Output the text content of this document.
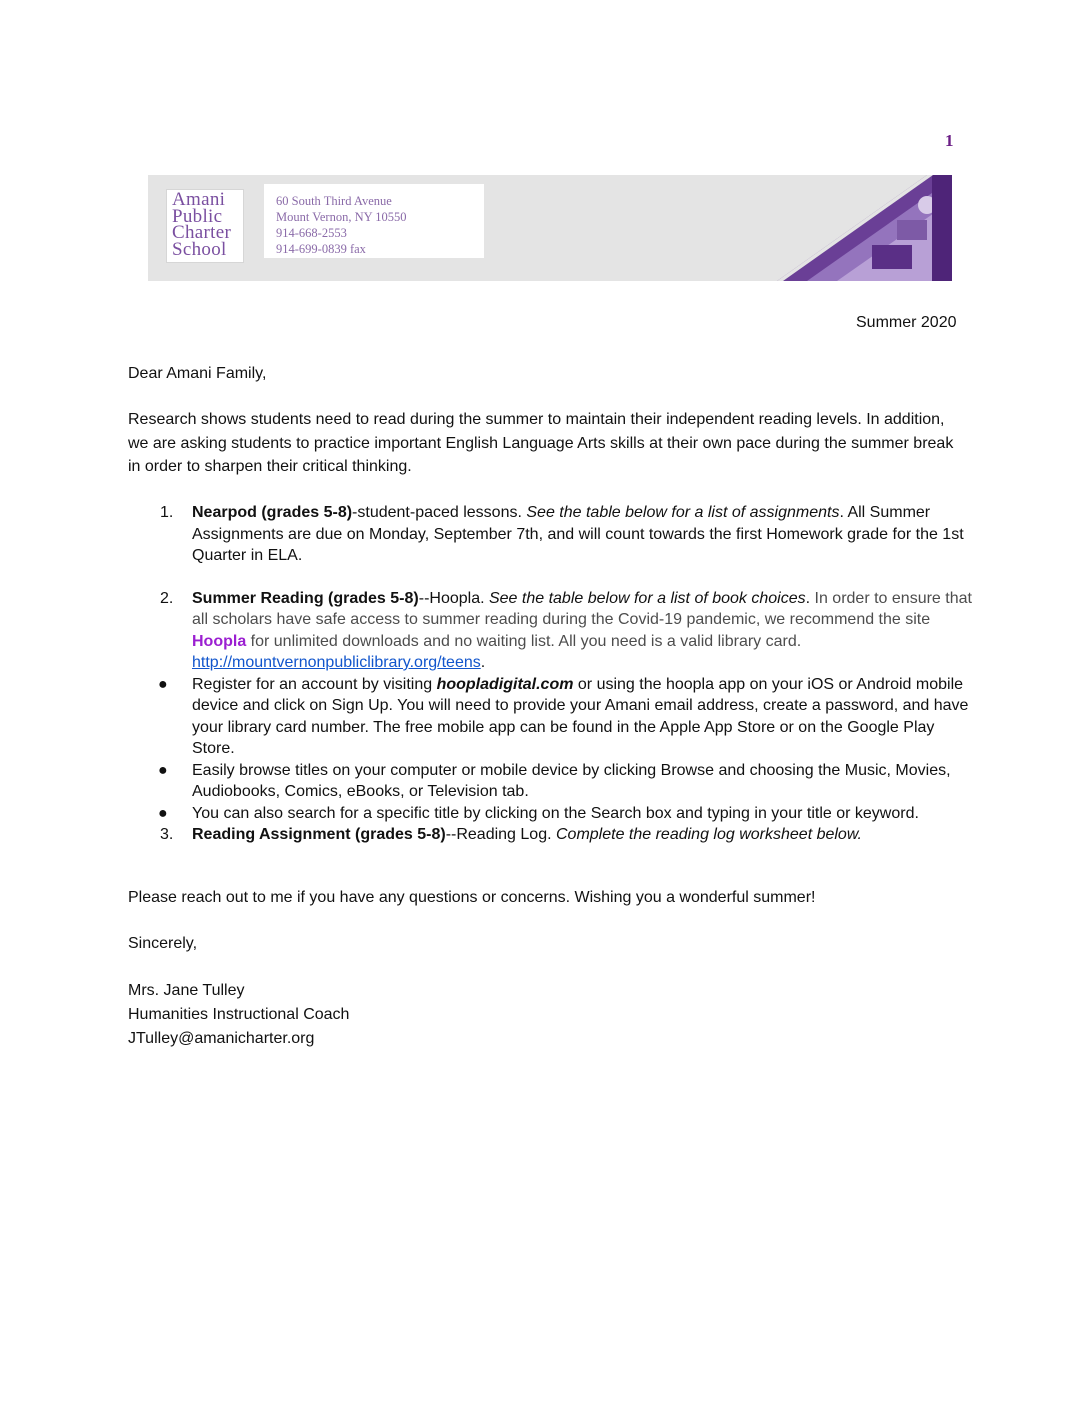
1
Amani
Public
Charter
School
60 South Third Avenue
Mount Vernon, NY 10550
914-668-2553
914-699-0839 fax
Summer 2020
Dear Amani Family,
Research shows students need to read during the summer to maintain their independent reading levels. In addition, we are asking students to practice important English Language Arts skills at their own pace during the summer break in order to sharpen their critical thinking.
1. Nearpod (grades 5-8)-student-paced lessons. See the table below for a list of assignments. All Summer Assignments are due on Monday, September 7th, and will count towards the first Homework grade for the 1st Quarter in ELA.
2. Summer Reading (grades 5-8)--Hoopla. See the table below for a list of book choices. In order to ensure that all scholars have safe access to summer reading during the Covid-19 pandemic, we recommend the site Hoopla for unlimited downloads and no waiting list. All you need is a valid library card. http://mountvernonpubliclibrary.org/teens.
● Register for an account by visiting hoopladigital.com or using the hoopla app on your iOS or Android mobile device and click on Sign Up. You will need to provide your Amani email address, create a password, and have your library card number. The free mobile app can be found in the Apple App Store or on the Google Play Store.
● Easily browse titles on your computer or mobile device by clicking Browse and choosing the Music, Movies, Audiobooks, Comics, eBooks, or Television tab.
● You can also search for a specific title by clicking on the Search box and typing in your title or keyword.
3. Reading Assignment (grades 5-8)--Reading Log. Complete the reading log worksheet below.
Please reach out to me if you have any questions or concerns. Wishing you a wonderful summer!
Sincerely,
Mrs. Jane Tulley
Humanities Instructional Coach
JTulley@amanicharter.org
